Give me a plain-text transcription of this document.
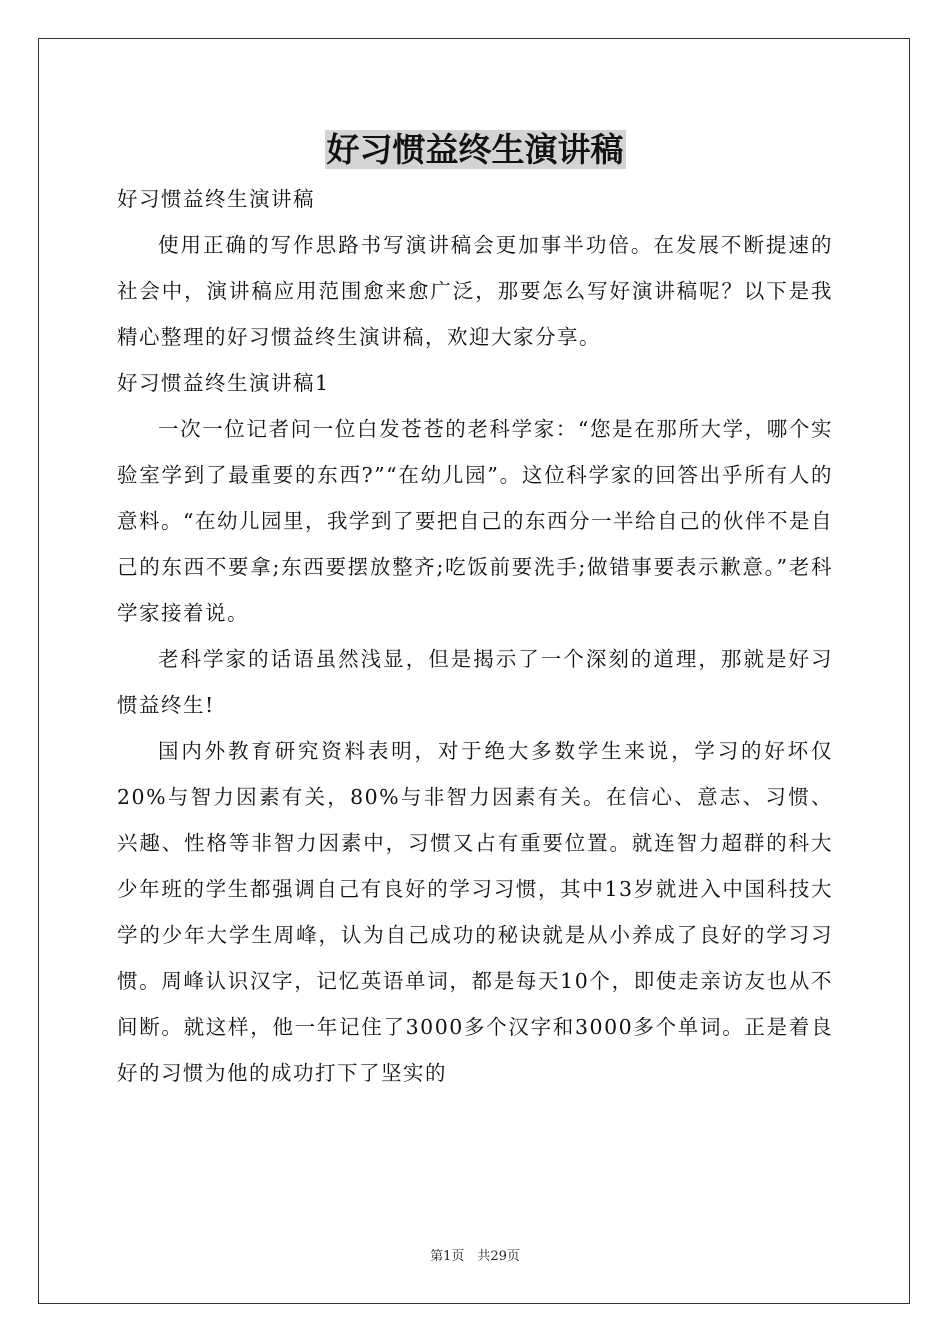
好习惯益终生演讲稿

好习惯益终生演讲稿

使用正确的写作思路书写演讲稿会更加事半功倍。在发展不断提速的社会中，演讲稿应用范围愈来愈广泛，那要怎么写好演讲稿呢？以下是我精心整理的好习惯益终生演讲稿，欢迎大家分享。

好习惯益终生演讲稿1

一次一位记者问一位白发苍苍的老科学家：“您是在那所大学，哪个实验室学到了最重要的东西?”“在幼儿园”。这位科学家的回答出乎所有人的意料。“在幼儿园里，我学到了要把自己的东西分一半给自己的伙伴不是自己的东西不要拿;东西要摆放整齐;吃饭前要洗手;做错事要表示歉意。”老科学家接着说。

老科学家的话语虽然浅显，但是揭示了一个深刻的道理，那就是好习惯益终生!

国内外教育研究资料表明，对于绝大多数学生来说，学习的好坏仅20%与智力因素有关，80%与非智力因素有关。在信心、意志、习惯、兴趣、性格等非智力因素中，习惯又占有重要位置。就连智力超群的科大少年班的学生都强调自己有良好的学习习惯，其中13岁就进入中国科技大学的少年大学生周峰，认为自己成功的秘诀就是从小养成了良好的学习习惯。周峰认识汉字，记忆英语单词，都是每天10个，即使走亲访友也从不间断。就这样，他一年记住了3000多个汉字和3000多个单词。正是着良好的习惯为他的成功打下了坚实的

第1页　共29页
